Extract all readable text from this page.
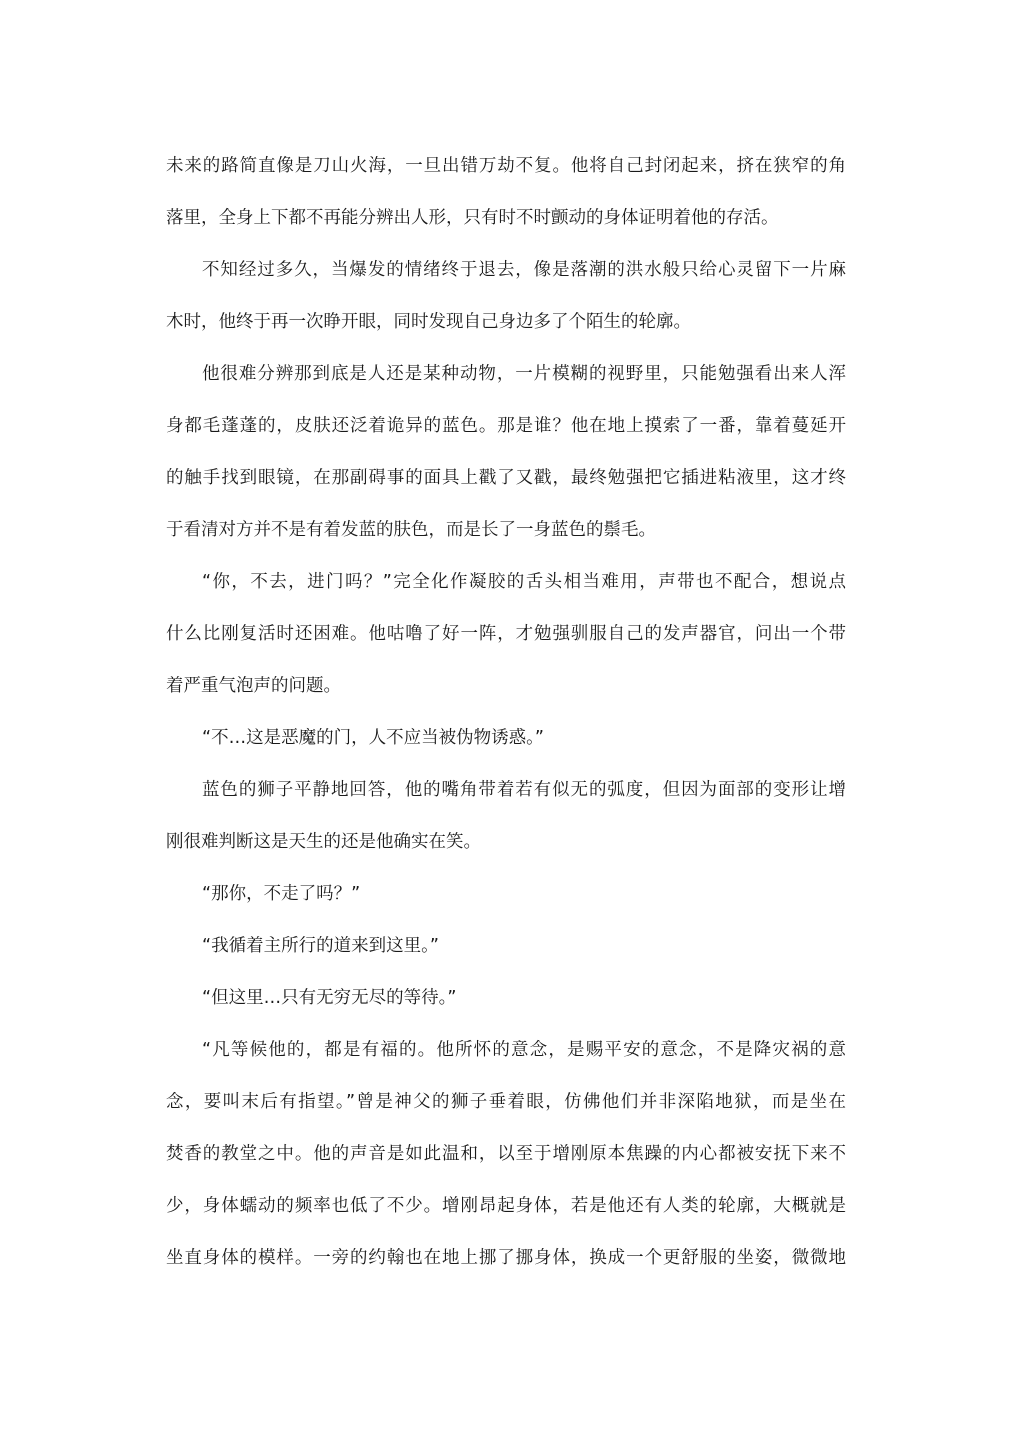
未来的路简直像是刀山火海，一旦出错万劫不复。他将自己封闭起来，挤在狭窄的角
落里，全身上下都不再能分辨出人形，只有时不时颤动的身体证明着他的存活。
不知经过多久，当爆发的情绪终于退去，像是落潮的洪水般只给心灵留下一片麻
木时，他终于再一次睁开眼，同时发现自己身边多了个陌生的轮廓。
他很难分辨那到底是人还是某种动物，一片模糊的视野里，只能勉强看出来人浑
身都毛蓬蓬的，皮肤还泛着诡异的蓝色。那是谁？他在地上摸索了一番，靠着蔓延开
的触手找到眼镜，在那副碍事的面具上戳了又戳，最终勉强把它插进粘液里，这才终
于看清对方并不是有着发蓝的肤色，而是长了一身蓝色的鬃毛。
“你，不去，进门吗？”完全化作凝胶的舌头相当难用，声带也不配合，想说点
什么比刚复活时还困难。他咕噜了好一阵，才勉强驯服自己的发声器官，问出一个带
着严重气泡声的问题。
“不…这是恶魔的门，人不应当被伪物诱惑。”
蓝色的狮子平静地回答，他的嘴角带着若有似无的弧度，但因为面部的变形让增
刚很难判断这是天生的还是他确实在笑。
“那你，不走了吗？”
“我循着主所行的道来到这里。”
“但这里…只有无穷无尽的等待。”
“凡等候他的，都是有福的。他所怀的意念，是赐平安的意念，不是降灾祸的意
念，要叫末后有指望。”曾是神父的狮子垂着眼，仿佛他们并非深陷地狱，而是坐在
焚香的教堂之中。他的声音是如此温和，以至于增刚原本焦躁的内心都被安抚下来不
少，身体蠕动的频率也低了不少。增刚昂起身体，若是他还有人类的轮廓，大概就是
坐直身体的模样。一旁的约翰也在地上挪了挪身体，换成一个更舒服的坐姿，微微地
